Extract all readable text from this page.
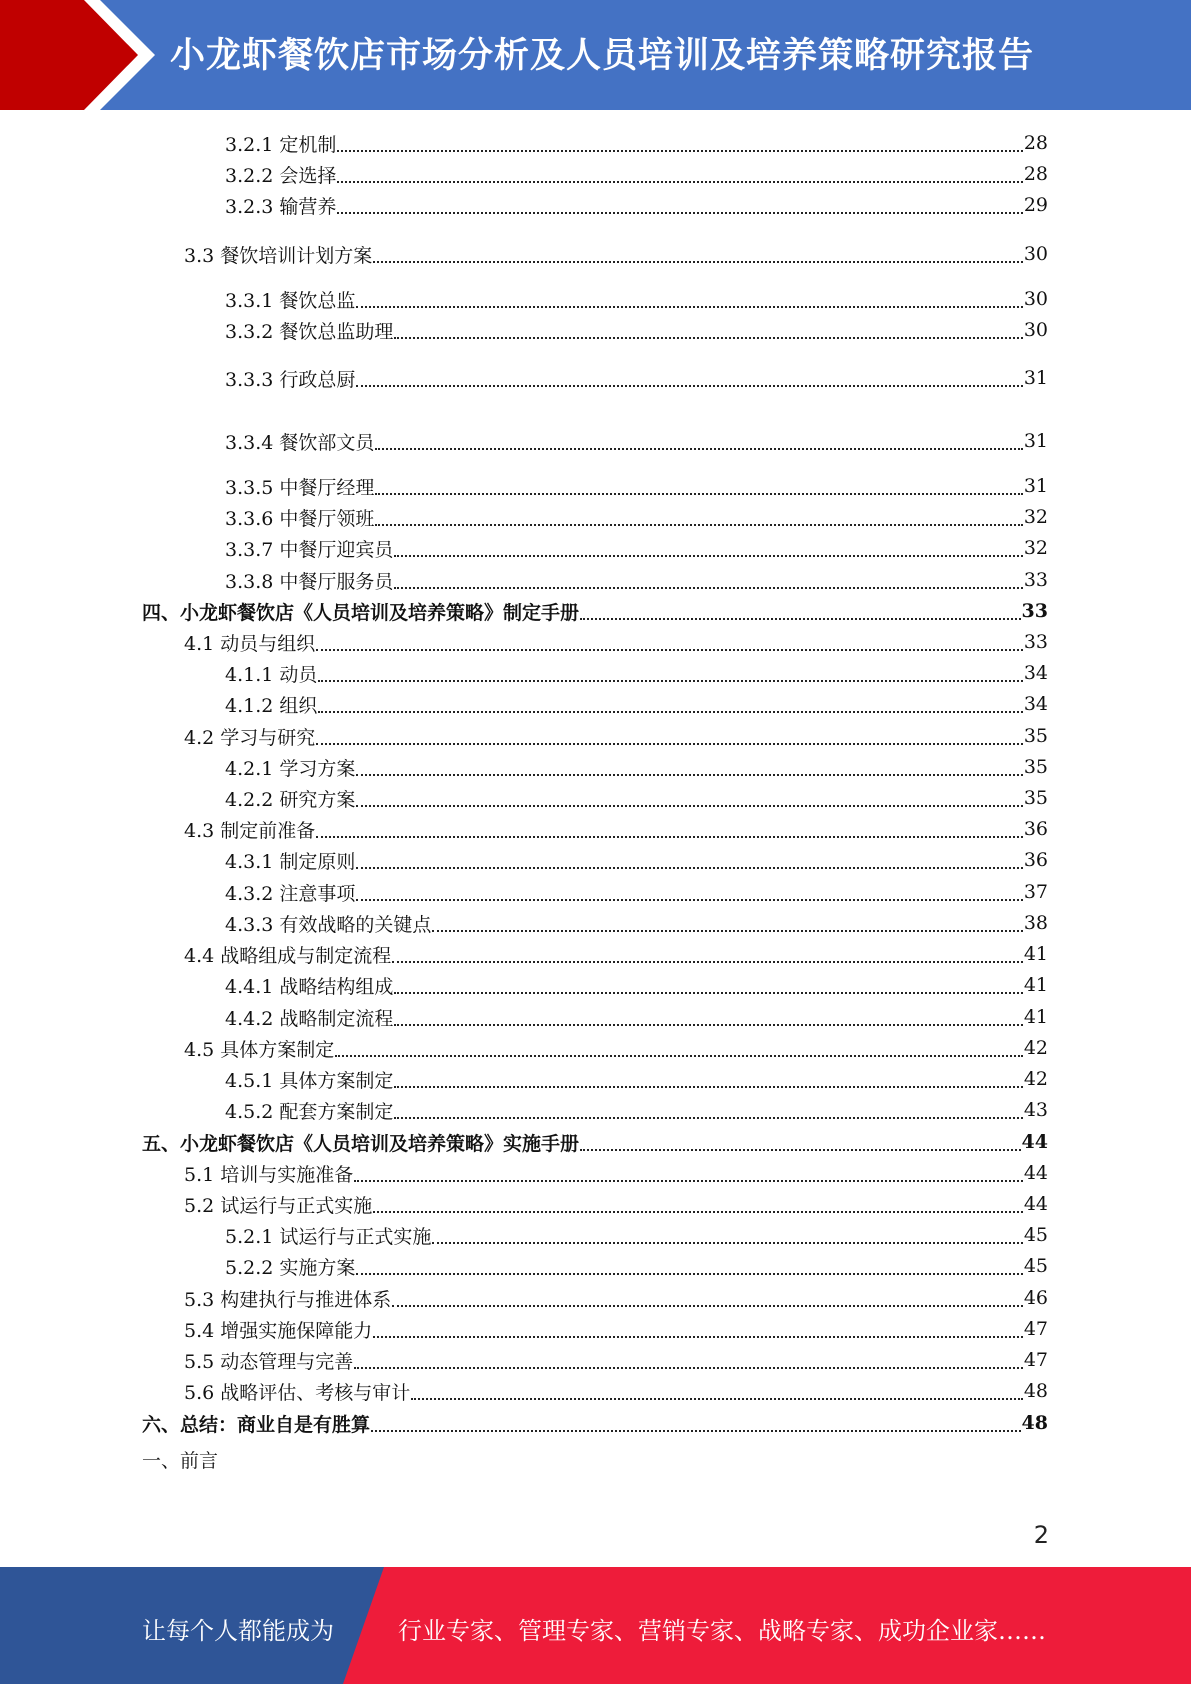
小龙虾餐饮店市场分析及人员培训及培养策略研究报告
3.2.1 定机制	28
3.2.2 会选择	28
3.2.3 输营养	29
3.3 餐饮培训计划方案	30
3.3.1 餐饮总监	30
3.3.2 餐饮总监助理	30
3.3.3 行政总厨	31
3.3.4 餐饮部文员	31
3.3.5 中餐厅经理	31
3.3.6 中餐厅领班	32
3.3.7 中餐厅迎宾员	32
3.3.8 中餐厅服务员	33
四、小龙虾餐饮店《人员培训及培养策略》制定手册	33
4.1 动员与组织	33
4.1.1 动员	34
4.1.2 组织	34
4.2 学习与研究	35
4.2.1 学习方案	35
4.2.2 研究方案	35
4.3 制定前准备	36
4.3.1 制定原则	36
4.3.2 注意事项	37
4.3.3 有效战略的关键点	38
4.4 战略组成与制定流程	41
4.4.1 战略结构组成	41
4.4.2 战略制定流程	41
4.5 具体方案制定	42
4.5.1 具体方案制定	42
4.5.2 配套方案制定	43
五、小龙虾餐饮店《人员培训及培养策略》实施手册	44
5.1 培训与实施准备	44
5.2 试运行与正式实施	44
5.2.1 试运行与正式实施	45
5.2.2 实施方案	45
5.3 构建执行与推进体系	46
5.4 增强实施保障能力	47
5.5 动态管理与完善	47
5.6 战略评估、考核与审计	48
六、总结：商业自是有胜算	48
一、前言
2
让每个人都能成为	行业专家、管理专家、营销专家、战略专家、成功企业家……
